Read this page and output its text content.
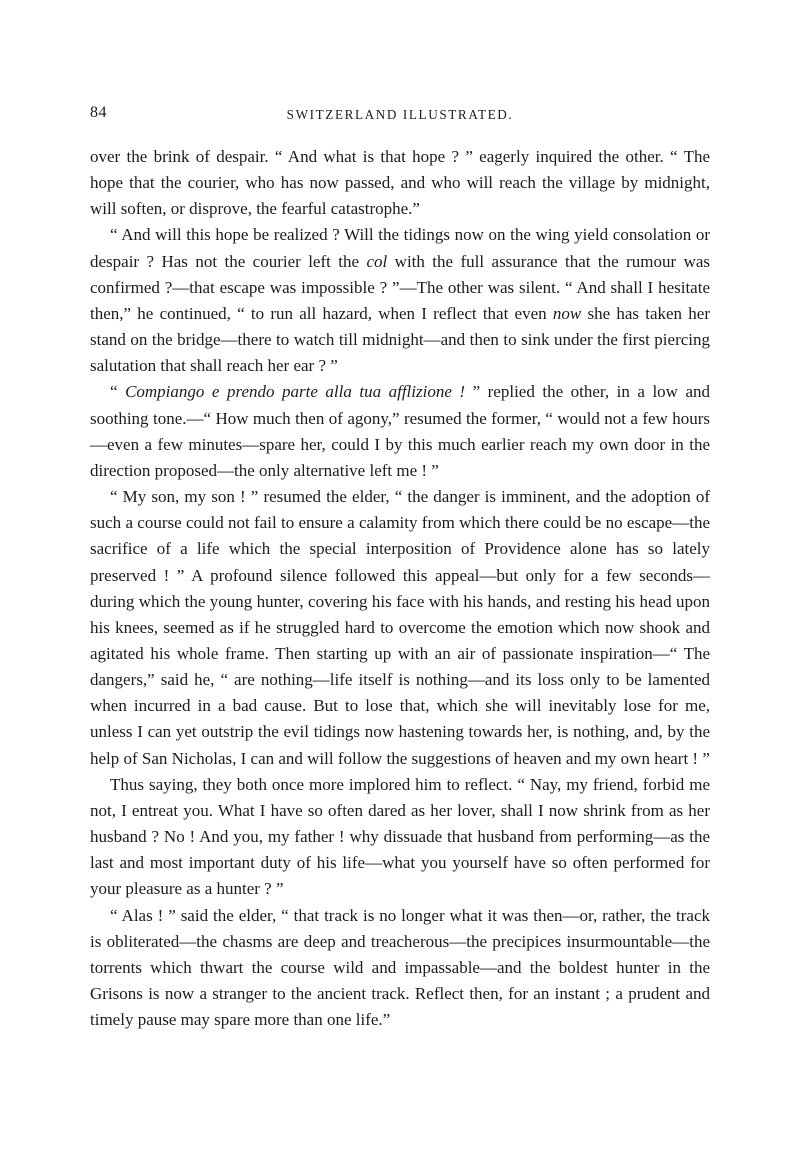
84	SWITZERLAND ILLUSTRATED.

over the brink of despair. “ And what is that hope ? ” eagerly inquired the other. “ The hope that the courier, who has now passed, and who will reach the village by midnight, will soften, or disprove, the fearful catastrophe.”

“ And will this hope be realized ? Will the tidings now on the wing yield consolation or despair ? Has not the courier left the col with the full assurance that the rumour was confirmed ?—that escape was impossible ? ”—The other was silent. “ And shall I hesitate then,” he continued, “ to run all hazard, when I reflect that even now she has taken her stand on the bridge—there to watch till midnight—and then to sink under the first piercing salutation that shall reach her ear ? ”

“ Compiango e prendo parte alla tua afflizione ! ” replied the other, in a low and soothing tone.—“ How much then of agony,” resumed the former, “ would not a few hours—even a few minutes—spare her, could I by this much earlier reach my own door in the direction proposed—the only alternative left me ! ”

“ My son, my son ! ” resumed the elder, “ the danger is imminent, and the adoption of such a course could not fail to ensure a calamity from which there could be no escape—the sacrifice of a life which the special interposition of Providence alone has so lately preserved ! ” A profound silence followed this appeal—but only for a few seconds—during which the young hunter, covering his face with his hands, and resting his head upon his knees, seemed as if he struggled hard to overcome the emotion which now shook and agitated his whole frame. Then starting up with an air of passionate inspiration—“ The dangers,” said he, “ are nothing—life itself is nothing—and its loss only to be lamented when incurred in a bad cause. But to lose that, which she will inevitably lose for me, unless I can yet outstrip the evil tidings now hastening towards her, is nothing, and, by the help of San Nicholas, I can and will follow the suggestions of heaven and my own heart ! ”

Thus saying, they both once more implored him to reflect. “ Nay, my friend, forbid me not, I entreat you. What I have so often dared as her lover, shall I now shrink from as her husband ? No ! And you, my father ! why dissuade that husband from performing—as the last and most important duty of his life—what you yourself have so often performed for your pleasure as a hunter ? ”

“ Alas ! ” said the elder, “ that track is no longer what it was then—or, rather, the track is obliterated—the chasms are deep and treacherous—the precipices insurmountable—the torrents which thwart the course wild and impassable—and the boldest hunter in the Grisons is now a stranger to the ancient track. Reflect then, for an instant ; a prudent and timely pause may spare more than one life.”
